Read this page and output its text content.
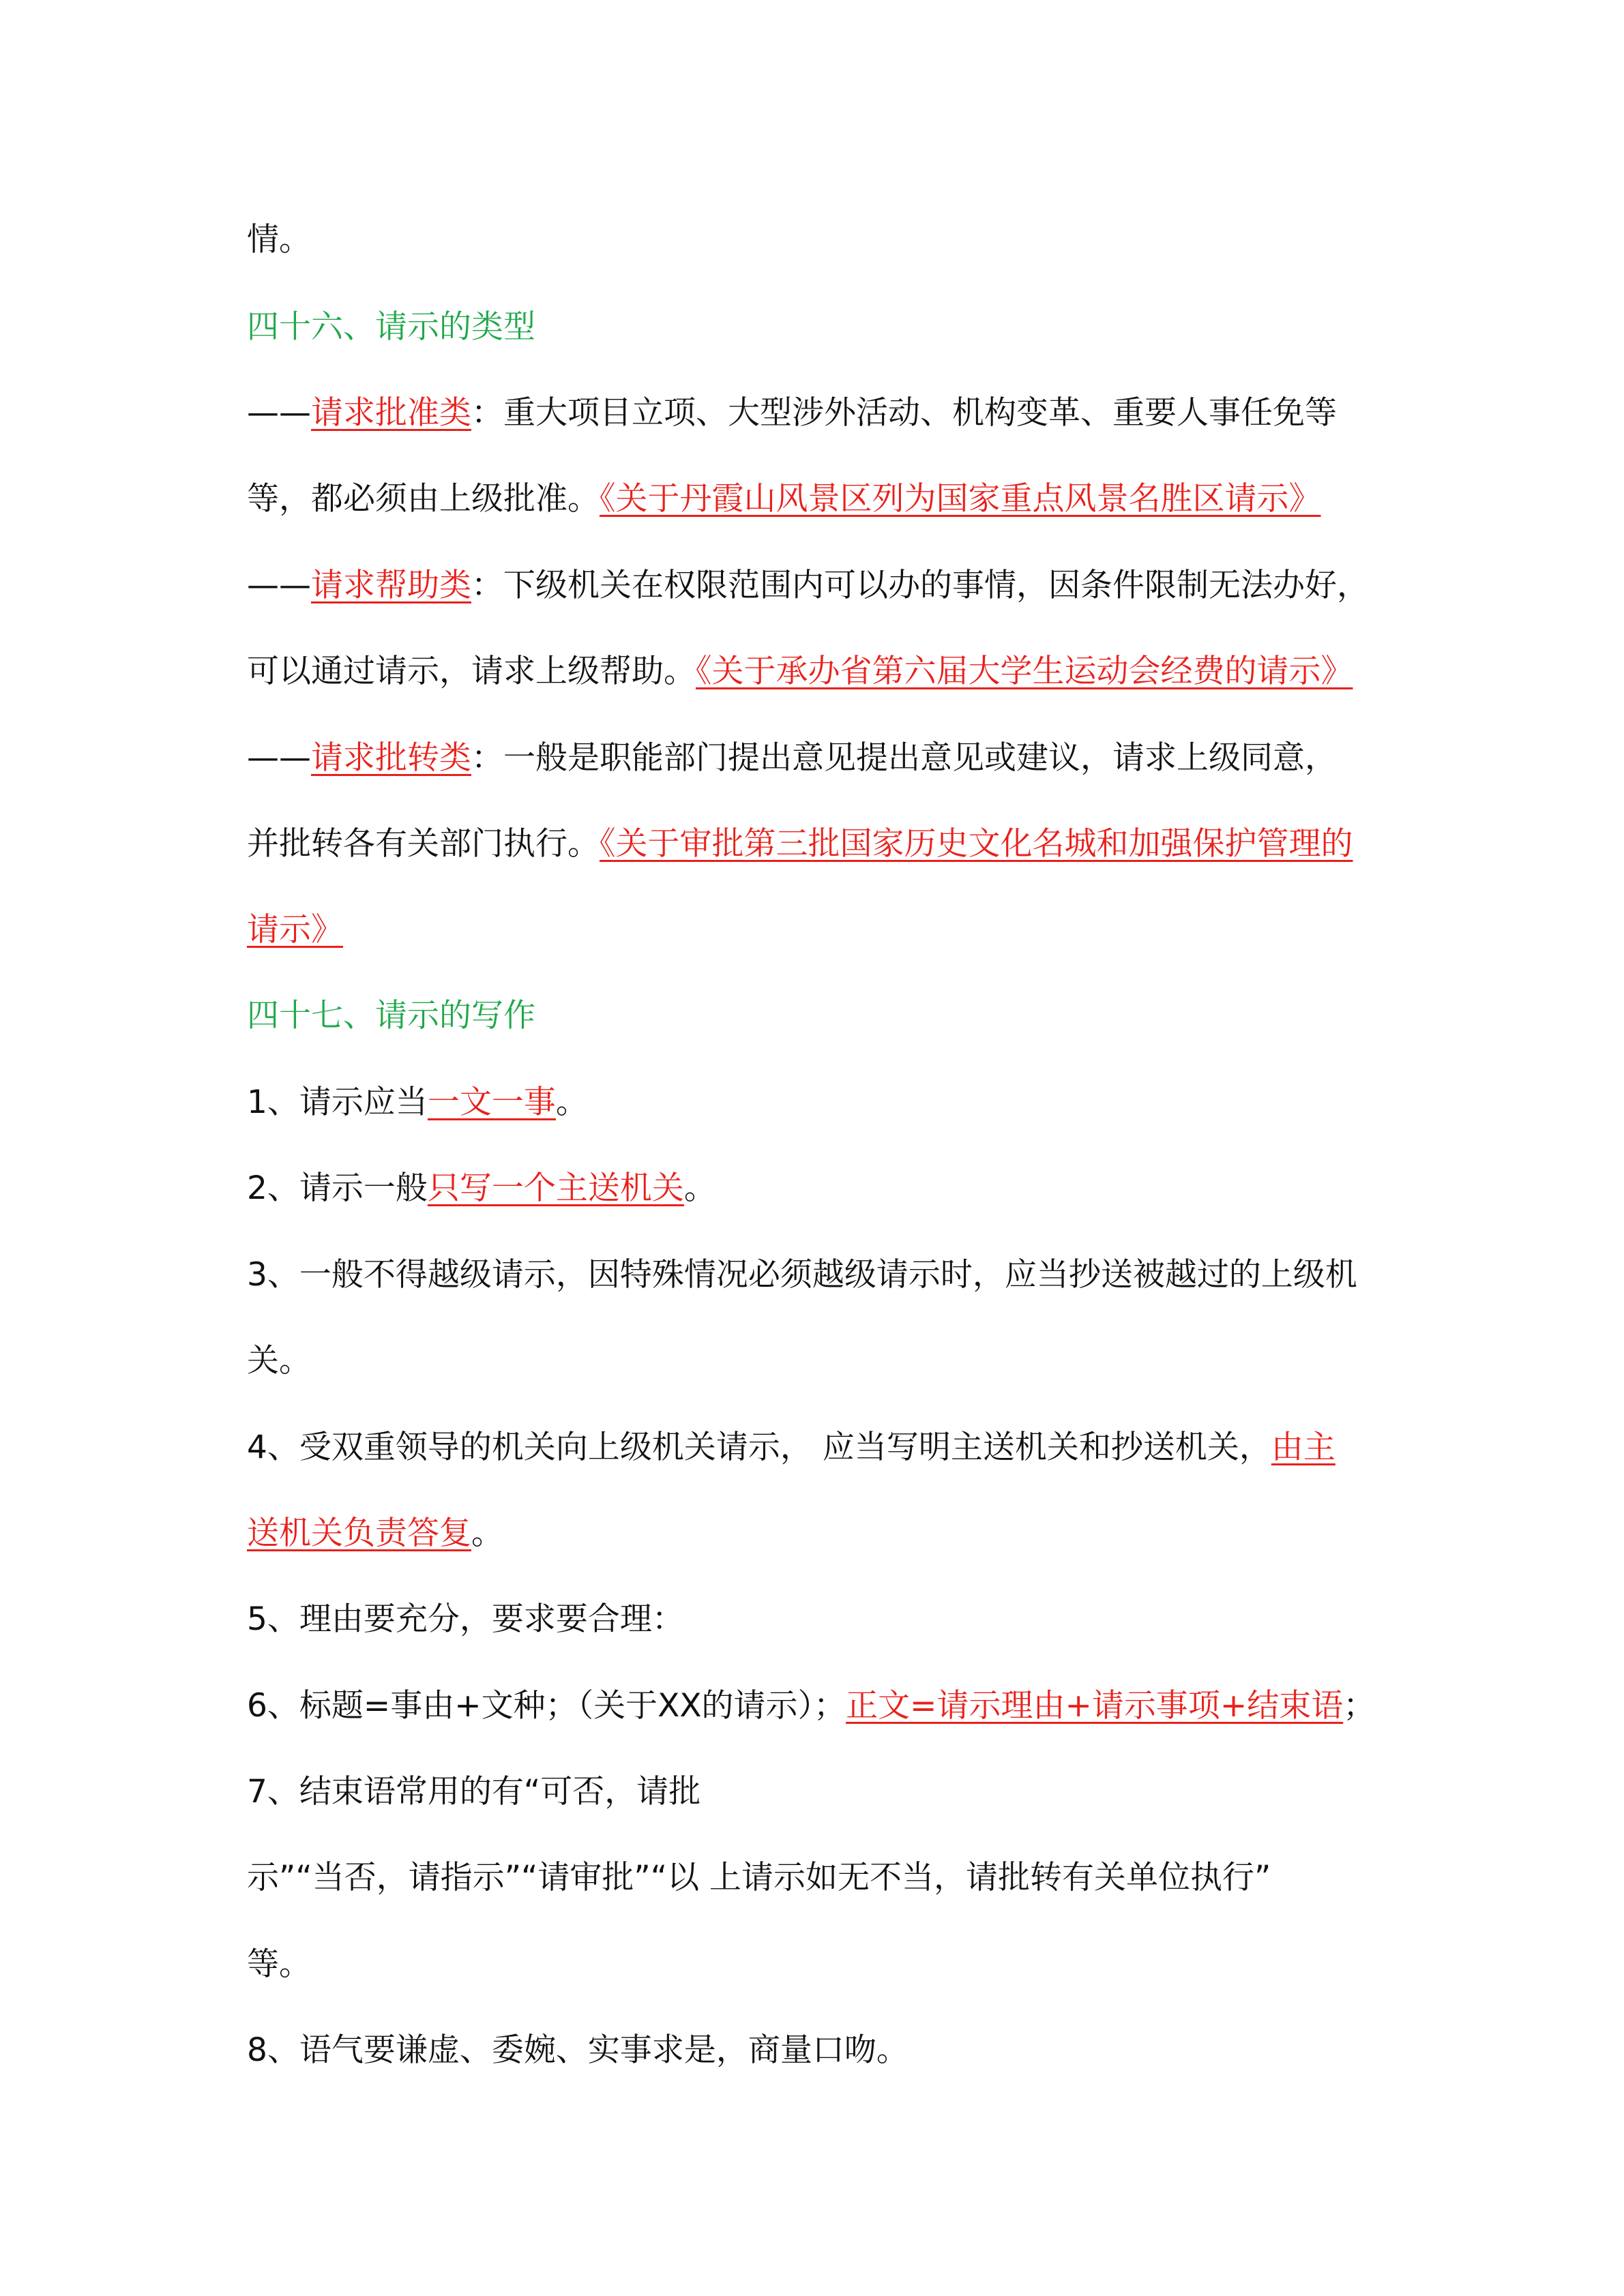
情。
四十六、请示的类型
——请求批准类：重大项目立项、大型涉外活动、机构变革、重要人事任免等
等，都必须由上级批准。《关于丹霞山风景区列为国家重点风景名胜区请示》
——请求帮助类：下级机关在权限范围内可以办的事情，因条件限制无法办好，
可以通过请示，请求上级帮助。《关于承办省第六届大学生运动会经费的请示》
——请求批转类：一般是职能部门提出意见提出意见或建议，请求上级同意，
并批转各有关部门执行。《关于审批第三批国家历史文化名城和加强保护管理的
请示》
四十七、请示的写作
1、请示应当一文一事。
2、请示一般只写一个主送机关。
3、一般不得越级请示，因特殊情况必须越级请示时，应当抄送被越过的上级机
关。
4、受双重领导的机关向上级机关请示， 应当写明主送机关和抄送机关，由主
送机关负责答复。
5、理由要充分，要求要合理：
6、标题=事由+文种；（关于XX的请示）；正文=请示理由+请示事项+结束语；
7、结束语常用的有“可否，请批
示”“当否，请指示”“请审批”“以 上请示如无不当，请批转有关单位执行”
等。
8、语气要谦虚、委婉、实事求是，商量口吻。
